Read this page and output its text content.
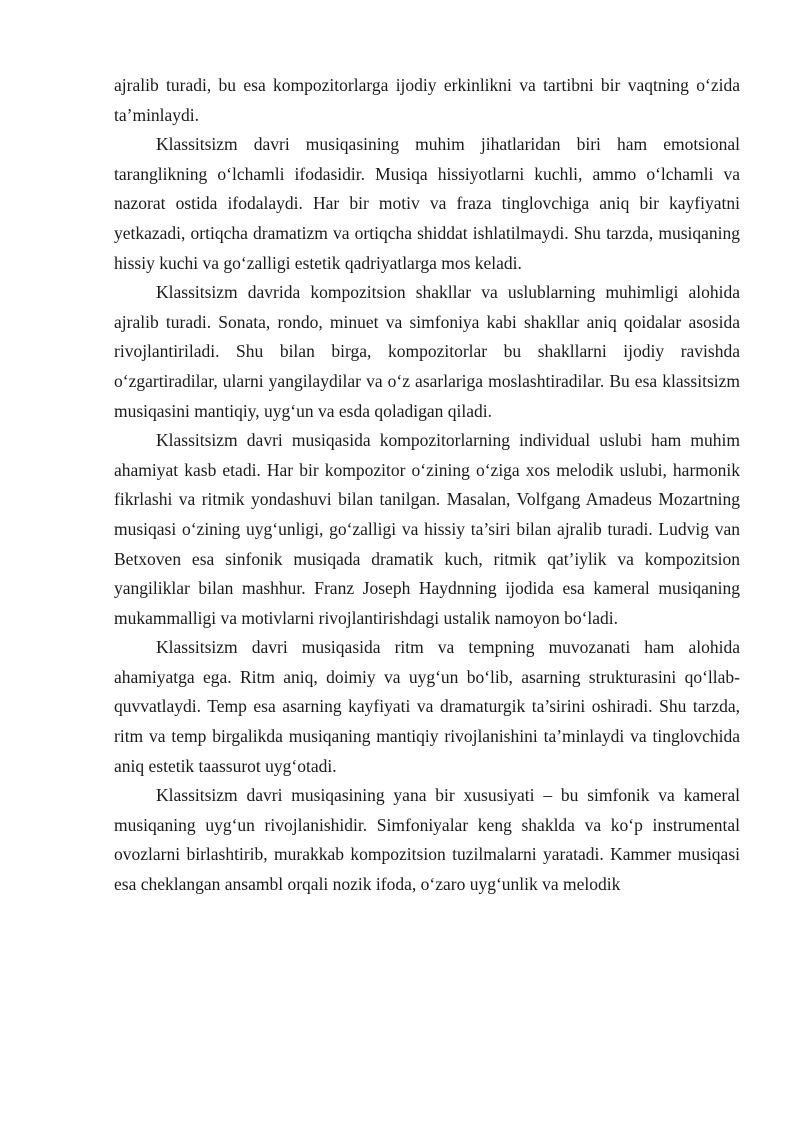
ajralib turadi, bu esa kompozitorlarga ijodiy erkinlikni va tartibni bir vaqtning o‘zida ta’minlaydi.

Klassitsizm davri musiqasining muhim jihatlaridan biri ham emotsional taranglikning o‘lchamli ifodasidir. Musiqa hissiyotlarni kuchli, ammo o‘lchamli va nazorat ostida ifodalaydi. Har bir motiv va fraza tinglovchiga aniq bir kayfiyatni yetkazadi, ortiqcha dramatizm va ortiqcha shiddat ishlatilmaydi. Shu tarzda, musiqaning hissiy kuchi va go‘zalligi estetik qadriyatlarga mos keladi.

Klassitsizm davrida kompozitsion shakllar va uslublarning muhimligi alohida ajralib turadi. Sonata, rondo, minuet va simfoniya kabi shakllar aniq qoidalar asosida rivojlantiriladi. Shu bilan birga, kompozitorlar bu shakllarni ijodiy ravishda o‘zgartiradilar, ularni yangilaydilar va o‘z asarlariga moslashtiradilar. Bu esa klassitsizm musiqasini mantiqiy, uyg‘un va esda qoladigan qiladi.

Klassitsizm davri musiqasida kompozitorlarning individual uslubi ham muhim ahamiyat kasb etadi. Har bir kompozitor o‘zining o‘ziga xos melodik uslubi, harmonik fikrlashi va ritmik yondashuvi bilan tanilgan. Masalan, Volfgang Amadeus Mozartning musiqasi o‘zining uyg‘unligi, go‘zalligi va hissiy ta’siri bilan ajralib turadi. Ludvig van Betxoven esa sinfonik musiqada dramatik kuch, ritmik qat’iylik va kompozitsion yangiliklar bilan mashhur. Franz Joseph Haydnning ijodida esa kameral musiqaning mukammalligi va motivlarni rivojlantirishdagi ustalik namoyon bo‘ladi.

Klassitsizm davri musiqasida ritm va tempning muvozanati ham alohida ahamiyatga ega. Ritm aniq, doimiy va uyg‘un bo‘lib, asarning strukturasini qo‘llab-quvvatlaydi. Temp esa asarning kayfiyati va dramaturgik ta’sirini oshiradi. Shu tarzda, ritm va temp birgalikda musiqaning mantiqiy rivojlanishini ta’minlaydi va tinglovchida aniq estetik taassurot uyg‘otadi.

Klassitsizm davri musiqasining yana bir xususiyati – bu simfonik va kameral musiqaning uyg‘un rivojlanishidir. Simfoniyalar keng shaklda va ko‘p instrumental ovozlarni birlashtirib, murakkab kompozitsion tuzilmalarni yaratadi. Kammer musiqasi esa cheklangan ansambl orqali nozik ifoda, o‘zaro uyg‘unlik va melodik
